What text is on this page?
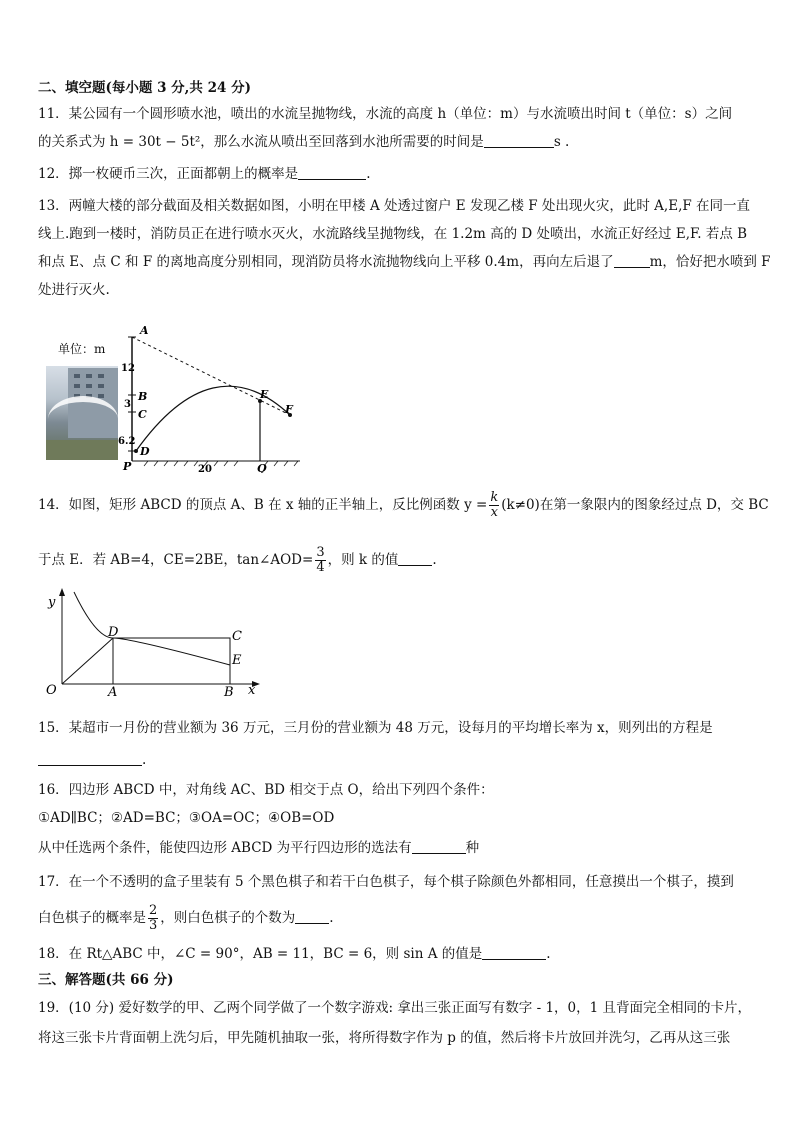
二、填空题(每小题 3 分,共 24 分)
11．某公园有一个圆形喷水池，喷出的水流呈抛物线，水流的高度 h（单位：m）与水流喷出时间 t（单位：s）之间
的关系式为 h = 30t − 5t²，那么水流从喷出至回落到水池所需要的时间是	s .
12．掷一枚硬币三次，正面都朝上的概率是	.
13．两幢大楼的部分截面及相关数据如图，小明在甲楼 A 处透过窗户 E 发现乙楼 F 处出现火灾，此时 A,E,F 在同一直
线上.跑到一楼时，消防员正在进行喷水灭火，水流路线呈抛物线，在 1.2m 高的 D 处喷出，水流正好经过 E,F. 若点 B
和点 E、点 C 和 F 的离地高度分别相同，现消防员将水流抛物线向上平移 0.4m，再向左后退了	m，恰好把水喷到 F
处进行灭火.
单位：m
A
B
C
D
E
F
P	Q
12
3
6.2
20
14．如图，矩形 ABCD 的顶点 A、B 在 x 轴的正半轴上，反比例函数 $y = \frac{k}{x} (k\ne 0)$在第一象限内的图象经过点 D，交 BC
于点 E．若 AB=4，CE=2BE，tan∠AOD= $\frac{3}{4}$ ，则 k 的值	.
y
x
O	A	B
C
D
E
15．某超市一月份的营业额为 36 万元，三月份的营业额为 48 万元，设每月的平均增长率为 x，则列出的方程是
.
16．四边形 ABCD 中，对角线 AC、BD 相交于点 O，给出下列四个条件：
①AD∥BC；②AD=BC；③OA=OC；④OB=OD
从中任选两个条件，能使四边形 ABCD 为平行四边形的选法有	种
17．在一个不透明的盒子里装有 5 个黑色棋子和若干白色棋子，每个棋子除颜色外都相同，任意摸出一个棋子，摸到
白色棋子的概率是 $\frac{2}{3}$ ，则白色棋子的个数为	.
18．在 Rt△ABC 中，∠C = 90°，AB = 11，BC = 6，则 sin A 的值是	.
三、解答题(共 66 分)
19．(10 分) 爱好数学的甲、乙两个同学做了一个数字游戏: 拿出三张正面写有数字 - 1，0，1 且背面完全相同的卡片，
将这三张卡片背面朝上洗匀后，甲先随机抽取一张，将所得数字作为 p 的值，然后将卡片放回并洗匀，乙再从这三张
